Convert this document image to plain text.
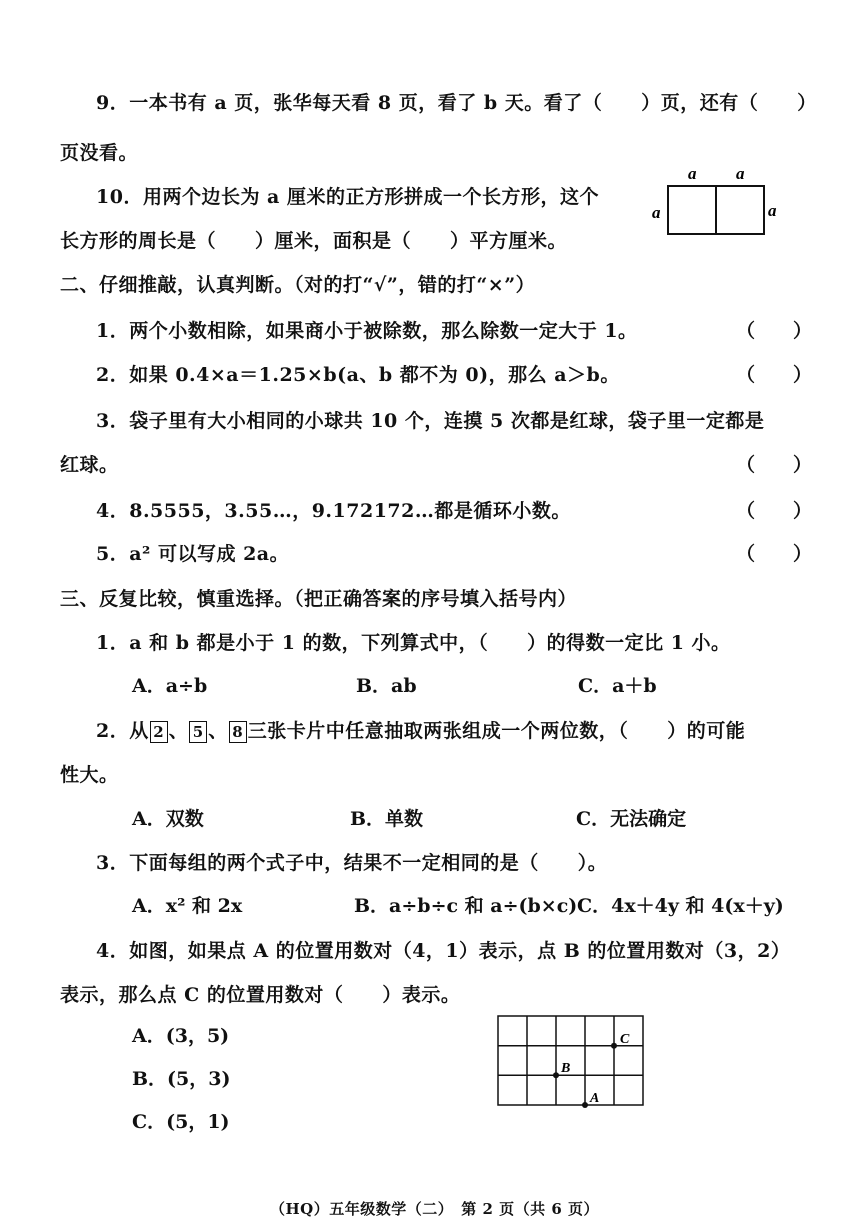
9．一本书有 a 页，张华每天看 8 页，看了 b 天。看了（　　）页，还有（　　）
页没看。
10．用两个边长为 a 厘米的正方形拼成一个长方形，这个
长方形的周长是（　　）厘米，面积是（　　）平方厘米。
a a
a	a
二、仔细推敲，认真判断。（对的打“√”，错的打“×”）
1．两个小数相除，如果商小于被除数，那么除数一定大于 1。	（　　）
2．如果 0.4×a＝1.25×b(a、b 都不为 0)，那么 a＞b。	（　　）
3．袋子里有大小相同的小球共 10 个，连摸 5 次都是红球，袋子里一定都是
红球。	（　　）
4．8.5555，3.55…，9.172172…都是循环小数。	（　　）
5．a² 可以写成 2a。	（　　）
三、反复比较，慎重选择。（把正确答案的序号填入括号内）
1．a 和 b 都是小于 1 的数，下列算式中，（　　）的得数一定比 1 小。
A．a÷b	B．ab	C．a＋b
2．从 2 、 5 、 8 三张卡片中任意抽取两张组成一个两位数，（　　）的可能
性大。
A．双数	B．单数	C．无法确定
3．下面每组的两个式子中，结果不一定相同的是（　　）。
A．x² 和 2x	B．a÷b÷c 和 a÷(b×c) C．4x＋4y 和 4(x＋y)
4．如图，如果点 A 的位置用数对（4，1）表示，点 B 的位置用数对（3，2）
表示，那么点 C 的位置用数对（　　）表示。
A．(3，5)
B．(5，3)
C．(5，1)
C
B
A
（HQ）五年级数学（二）　第 2 页（共 6 页）
